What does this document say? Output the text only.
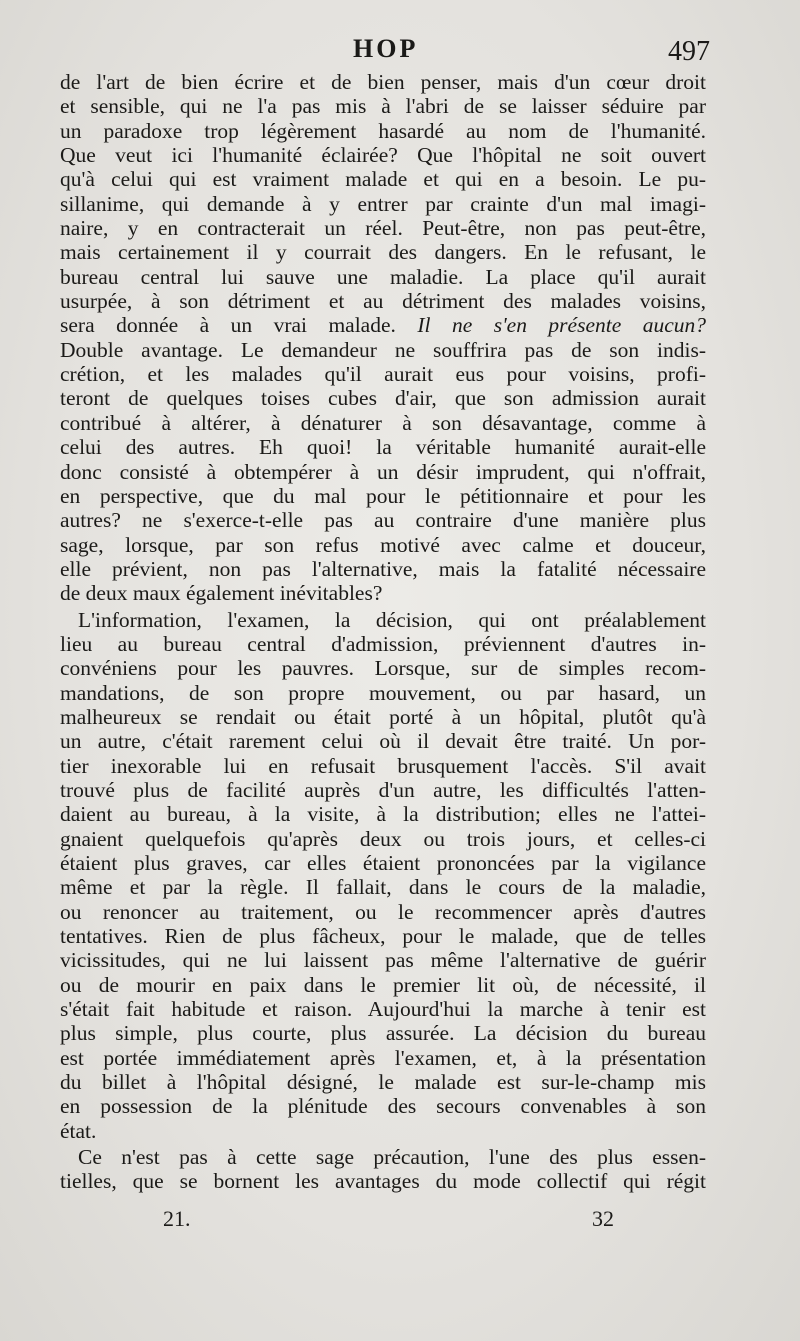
HOP	497
de l'art de bien écrire et de bien penser, mais d'un cœur droit
et sensible, qui ne l'a pas mis à l'abri de se laisser séduire par
un paradoxe trop légèrement hasardé au nom de l'humanité.
Que veut ici l'humanité éclairée? Que l'hôpital ne soit ouvert
qu'à celui qui est vraiment malade et qui en a besoin. Le pu-
sillanime, qui demande à y entrer par crainte d'un mal imagi-
naire, y en contracterait un réel. Peut-être, non pas peut-être,
mais certainement il y courrait des dangers. En le refusant, le
bureau central lui sauve une maladie. La place qu'il aurait
usurpée, à son détriment et au détriment des malades voisins,
sera donnée à un vrai malade. Il ne s'en présente aucun?
Double avantage. Le demandeur ne souffrira pas de son indis-
crétion, et les malades qu'il aurait eus pour voisins, profi-
teront de quelques toises cubes d'air, que son admission aurait
contribué à altérer, à dénaturer à son désavantage, comme à
celui des autres. Eh quoi! la véritable humanité aurait-elle
donc consisté à obtempérer à un désir imprudent, qui n'offrait,
en perspective, que du mal pour le pétitionnaire et pour les
autres? ne s'exerce-t-elle pas au contraire d'une manière plus
sage, lorsque, par son refus motivé avec calme et douceur,
elle prévient, non pas l'alternative, mais la fatalité nécessaire
de deux maux également inévitables?
L'information, l'examen, la décision, qui ont préalablement
lieu au bureau central d'admission, préviennent d'autres in-
convéniens pour les pauvres. Lorsque, sur de simples recom-
mandations, de son propre mouvement, ou par hasard, un
malheureux se rendait ou était porté à un hôpital, plutôt qu'à
un autre, c'était rarement celui où il devait être traité. Un por-
tier inexorable lui en refusait brusquement l'accès. S'il avait
trouvé plus de facilité auprès d'un autre, les difficultés l'atten-
daient au bureau, à la visite, à la distribution; elles ne l'attei-
gnaient quelquefois qu'après deux ou trois jours, et celles-ci
étaient plus graves, car elles étaient prononcées par la vigilance
même et par la règle. Il fallait, dans le cours de la maladie,
ou renoncer au traitement, ou le recommencer après d'autres
tentatives. Rien de plus fâcheux, pour le malade, que de telles
vicissitudes, qui ne lui laissent pas même l'alternative de guérir
ou de mourir en paix dans le premier lit où, de nécessité, il
s'était fait habitude et raison. Aujourd'hui la marche à tenir est
plus simple, plus courte, plus assurée. La décision du bureau
est portée immédiatement après l'examen, et, à la présentation
du billet à l'hôpital désigné, le malade est sur-le-champ mis
en possession de la plénitude des secours convenables à son
état.
Ce n'est pas à cette sage précaution, l'une des plus essen-
tielles, que se bornent les avantages du mode collectif qui régit
21.	32
